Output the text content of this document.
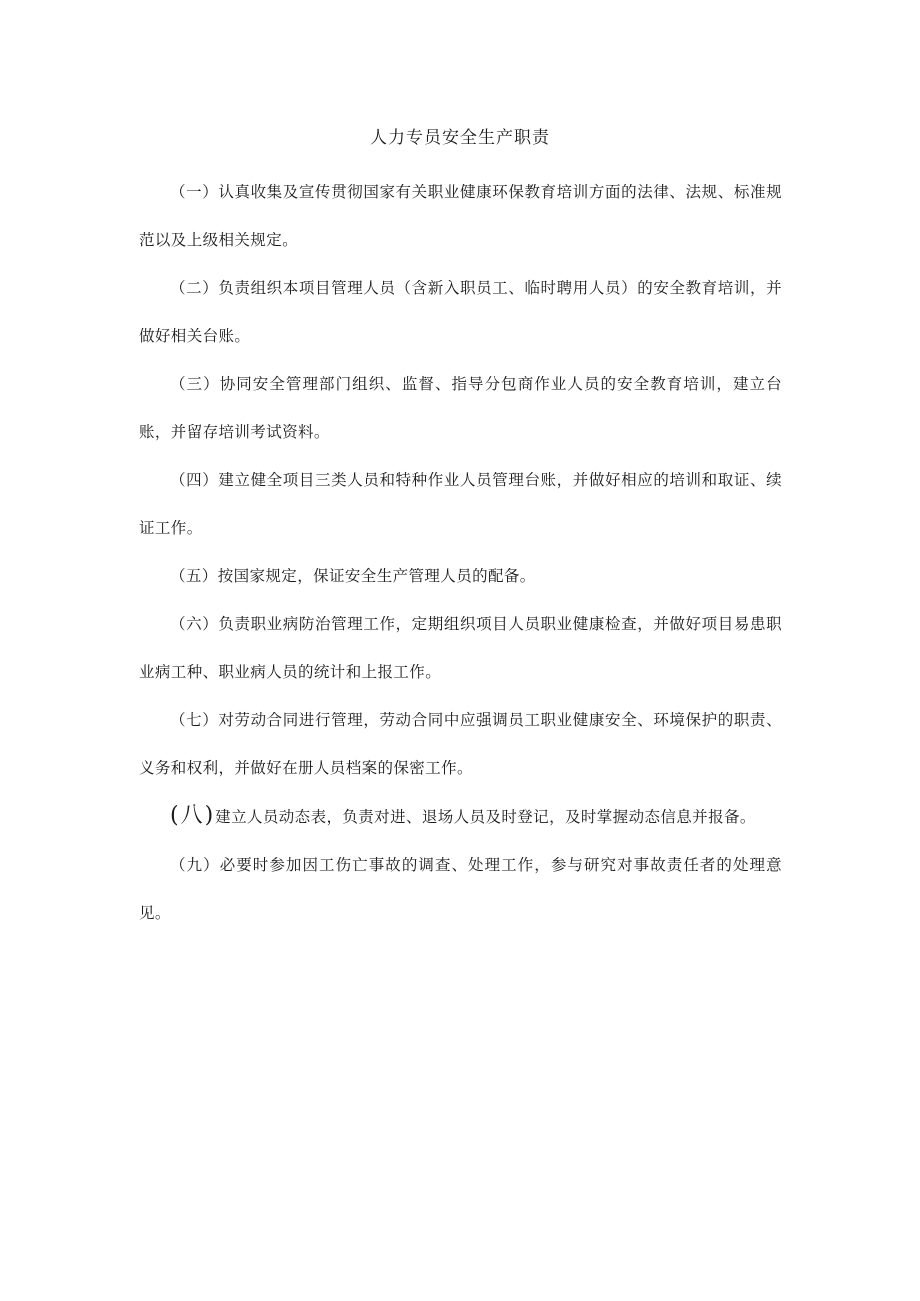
人力专员安全生产职责

（一）认真收集及宣传贯彻国家有关职业健康环保教育培训方面的法律、法规、标准规范以及上级相关规定。

（二）负责组织本项目管理人员（含新入职员工、临时聘用人员）的安全教育培训，并做好相关台账。

（三）协同安全管理部门组织、监督、指导分包商作业人员的安全教育培训，建立台账，并留存培训考试资料。

（四）建立健全项目三类人员和特种作业人员管理台账，并做好相应的培训和取证、续证工作。

（五）按国家规定，保证安全生产管理人员的配备。

（六）负责职业病防治管理工作，定期组织项目人员职业健康检查，并做好项目易患职业病工种、职业病人员的统计和上报工作。

（七）对劳动合同进行管理，劳动合同中应强调员工职业健康安全、环境保护的职责、义务和权利，并做好在册人员档案的保密工作。

(八)建立人员动态表，负责对进、退场人员及时登记，及时掌握动态信息并报备。

（九）必要时参加因工伤亡事故的调查、处理工作，参与研究对事故责任者的处理意见。
